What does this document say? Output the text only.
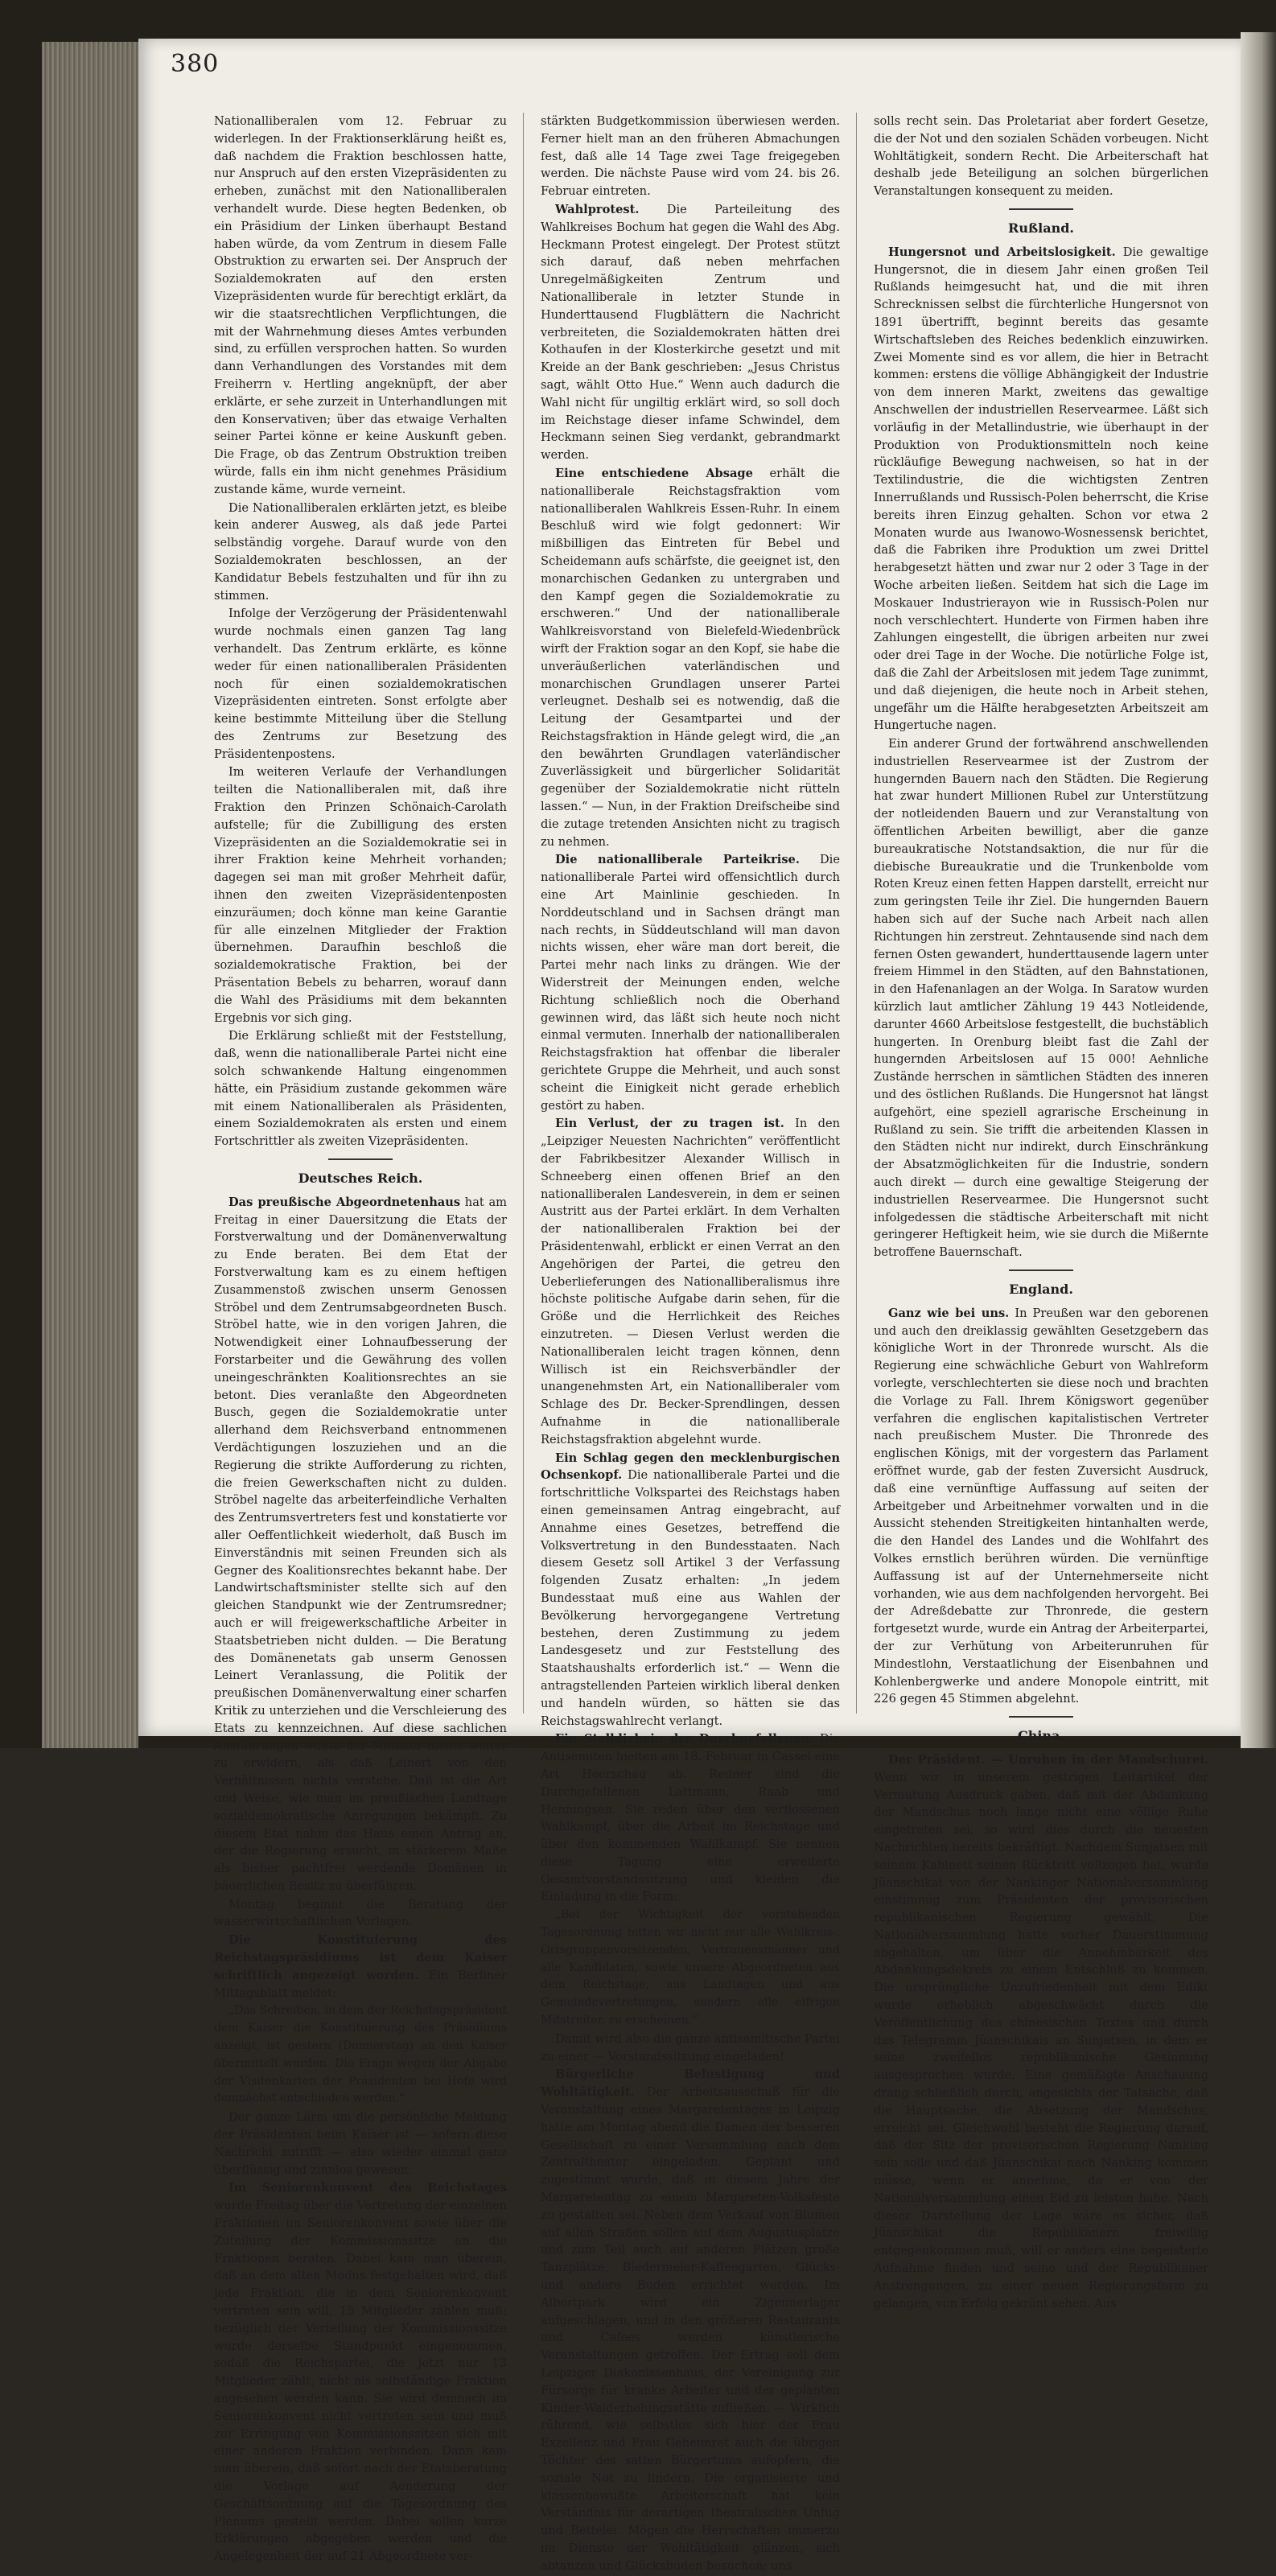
380

Nationalliberalen vom 12. Februar zu widerlegen. In der Fraktionserklärung heißt es, daß nachdem die Fraktion beschlossen hatte, nur Anspruch auf den ersten Vizepräsidenten zu erheben, zunächst mit den Nationalliberalen verhandelt wurde. Diese hegten Bedenken, ob ein Präsidium der Linken überhaupt Bestand haben würde, da vom Zentrum in diesem Falle Obstruktion zu erwarten sei. Der Anspruch der Sozialdemokraten auf den ersten Vizepräsidenten wurde für berechtigt erklärt, da wir die staatsrechtlichen Verpflichtungen, die mit der Wahrnehmung dieses Amtes verbunden sind, zu erfüllen versprochen hatten. So wurden dann Verhandlungen des Vorstandes mit dem Freiherrn v. Hertling angeknüpft, der aber erklärte, er sehe zurzeit in Unterhandlungen mit den Konservativen; über das etwaige Verhalten seiner Partei könne er keine Auskunft geben. Die Frage, ob das Zentrum Obstruktion treiben würde, falls ein ihm nicht genehmes Präsidium zustande käme, wurde verneint.

Die Nationalliberalen erklärten jetzt, es bleibe kein anderer Ausweg, als daß jede Partei selbständig vorgehe. Darauf wurde von den Sozialdemokraten beschlossen, an der Kandidatur Bebels festzuhalten und für ihn zu stimmen.

Infolge der Verzögerung der Präsidentenwahl wurde nochmals einen ganzen Tag lang verhandelt. Das Zentrum erklärte, es könne weder für einen nationalliberalen Präsidenten noch für einen sozialdemokratischen Vizepräsidenten eintreten. Sonst erfolgte aber keine bestimmte Mitteilung über die Stellung des Zentrums zur Besetzung des Präsidentenpostens.

Im weiteren Verlaufe der Verhandlungen teilten die Nationalliberalen mit, daß ihre Fraktion den Prinzen Schönaich-Carolath aufstelle; für die Zubilligung des ersten Vizepräsidenten an die Sozialdemokratie sei in ihrer Fraktion keine Mehrheit vorhanden; dagegen sei man mit großer Mehrheit dafür, ihnen den zweiten Vizepräsidentenposten einzuräumen; doch könne man keine Garantie für alle einzelnen Mitglieder der Fraktion übernehmen. Daraufhin beschloß die sozialdemokratische Fraktion, bei der Präsentation Bebels zu beharren, worauf dann die Wahl des Präsidiums mit dem bekannten Ergebnis vor sich ging.

Die Erklärung schließt mit der Feststellung, daß, wenn die nationalliberale Partei nicht eine solch schwankende Haltung eingenommen hätte, ein Präsidium zustande gekommen wäre mit einem Nationalliberalen als Präsidenten, einem Sozialdemokraten als ersten und einem Fortschrittler als zweiten Vizepräsidenten.

Deutsches Reich.

Das preußische Abgeordnetenhaus hat am Freitag in einer Dauersitzung die Etats der Forstverwaltung und der Domänenverwaltung zu Ende beraten. Bei dem Etat der Forstverwaltung kam es zu einem heftigen Zusammenstoß zwischen unserm Genossen Ströbel und dem Zentrumsabgeordneten Busch. Ströbel hatte, wie in den vorigen Jahren, die Notwendigkeit einer Lohnaufbesserung der Forstarbeiter und die Gewährung des vollen uneingeschränkten Koalitionsrechtes an sie betont. Dies veranlaßte den Abgeordneten Busch, gegen die Sozialdemokratie unter allerhand dem Reichsverband entnommenen Verdächtigungen loszuziehen und an die Regierung die strikte Aufforderung zu richten, die freien Gewerkschaften nicht zu dulden. Ströbel nagelte das arbeiterfeindliche Verhalten des Zentrumsvertreters fest und konstatierte vor aller Oeffentlichkeit wiederholt, daß Busch im Einverständnis mit seinen Freunden sich als Gegner des Koalitionsrechtes bekannt habe. Der Landwirtschaftsminister stellte sich auf den gleichen Standpunkt wie der Zentrumsredner; auch er will freigewerkschaftliche Arbeiter in Staatsbetrieben nicht dulden. — Die Beratung des Domänenetats gab unserm Genossen Leinert Veranlassung, die Politik der preußischen Domänenverwaltung einer scharfen Kritik zu unterziehen und die Verschleierung des Etats zu kennzeichnen. Auf diese sachlichen Ausführungen wußte der Minister nichts weiter zu erwidern, als daß Leinert von den Verhältnissen nichts verstehe. Daß ist die Art und Weise, wie man im preußischen Landtage sozialdemokratische Anregungen bekämpft. Zu diesem Etat nahm das Haus einen Antrag an, der die Regierung ersucht, in stärkerem Maße als bisher pachtfrei werdende Domänen in bäuerlichen Besitz zu überführen.

Montag beginnt die Beratung der wasserwirtschaftlichen Vorlagen.

Die Konstituierung des Reichstagspräsidiums ist dem Kaiser schriftlich angezeigt worden. Ein Berliner Mittagsblatt meldet:

„Das Schreiben, in dem der Reichstagspräsident dem Kaiser die Konstituierung des Präsidiums anzeigt, ist gestern (Donnerstag) an den Kaiser übermittelt worden. Die Frage wegen der Abgabe der Visitenkarten der Präsidenten bei Hofe wird demnächst entschieden werden.“

Der ganze Lärm um die persönliche Meldung der Präsidenten beim Kaiser ist — sofern diese Nachricht zutrifft — also wieder einmal ganz überflüssig und zinnlos gewesen.

Im Seniorenkonvent des Reichstages wurde Freitag über die Vertretung der einzelnen Fraktionen im Seniorenkonvent sowie über die Zuteilung der Kommissionssitze an die Fraktionen beraten. Dabei kam man überein, daß an dem alten Modus festgehalten wird, daß jede Fraktion, die in dem Seniorenkonvent vertreten sein will, 15 Mitglieder zählen muß; bezüglich der Verteilung der Kommissionssitze wurde derselbe Standpunkt eingenommen, sodaß die Reichspartei, die jetzt nur 13 Mitglieder zählt, nicht als selbständige Fraktion angesehen werden kann. Sie wird demnach im Seniorenkonvent nicht vertreten sein und muß zur Erringung von Kommissionssitzen sich mit einer anderen Fraktion verbinden. Dann kam man überein, daß sofort nach der Etatsberatung die Vorlage auf Aenderung der Geschäftsordnung auf die Tagesordnung des Plenums gestellt werden. Dabei sollen kurze Erklärungen abgegeben werden und die Angelegenheit der auf 21 Abgeordnete ver-

stärkten Budgetkommission überwiesen werden. Ferner hielt man an den früheren Abmachungen fest, daß alle 14 Tage zwei Tage freigegeben werden. Die nächste Pause wird vom 24. bis 26. Februar eintreten.

Wahlprotest. Die Parteileitung des Wahlkreises Bochum hat gegen die Wahl des Abg. Heckmann Protest eingelegt. Der Protest stützt sich darauf, daß neben mehrfachen Unregelmäßigkeiten Zentrum und Nationalliberale in letzter Stunde in Hunderttausend Flugblättern die Nachricht verbreiteten, die Sozialdemokraten hätten drei Kothaufen in der Klosterkirche gesetzt und mit Kreide an der Bank geschrieben: „Jesus Christus sagt, wählt Otto Hue.“ Wenn auch dadurch die Wahl nicht für ungiltig erklärt wird, so soll doch im Reichstage dieser infame Schwindel, dem Heckmann seinen Sieg verdankt, gebrandmarkt werden.

Eine entschiedene Absage erhält die nationalliberale Reichstagsfraktion vom nationalliberalen Wahlkreis Essen-Ruhr. In einem Beschluß wird wie folgt gedonnert: Wir mißbilligen das Eintreten für Bebel und Scheidemann aufs schärfste, die geeignet ist, den monarchischen Gedanken zu untergraben und den Kampf gegen die Sozialdemokratie zu erschweren.“ Und der nationalliberale Wahlkreisvorstand von Bielefeld-Wiedenbrück wirft der Fraktion sogar an den Kopf, sie habe die unveräußerlichen vaterländischen und monarchischen Grundlagen unserer Partei verleugnet. Deshalb sei es notwendig, daß die Leitung der Gesamtpartei und der Reichstagsfraktion in Hände gelegt wird, die „an den bewährten Grundlagen vaterländischer Zuverlässigkeit und bürgerlicher Solidarität gegenüber der Sozialdemokratie nicht rütteln lassen.“ — Nun, in der Fraktion Dreifscheibe sind die zutage tretenden Ansichten nicht zu tragisch zu nehmen.

Die nationalliberale Parteikrise. Die nationalliberale Partei wird offensichtlich durch eine Art Mainlinie geschieden. In Norddeutschland und in Sachsen drängt man nach rechts, in Süddeutschland will man davon nichts wissen, eher wäre man dort bereit, die Partei mehr nach links zu drängen. Wie der Widerstreit der Meinungen enden, welche Richtung schließlich noch die Oberhand gewinnen wird, das läßt sich heute noch nicht einmal vermuten. Innerhalb der nationalliberalen Reichstagsfraktion hat offenbar die liberaler gerichtete Gruppe die Mehrheit, und auch sonst scheint die Einigkeit nicht gerade erheblich gestört zu haben.

Ein Verlust, der zu tragen ist. In den „Leipziger Neuesten Nachrichten“ veröffentlicht der Fabrikbesitzer Alexander Willisch in Schneeberg einen offenen Brief an den nationalliberalen Landesverein, in dem er seinen Austritt aus der Partei erklärt. In dem Verhalten der nationalliberalen Fraktion bei der Präsidentenwahl, erblickt er einen Verrat an den Angehörigen der Partei, die getreu den Ueberlieferungen des Nationalliberalismus ihre höchste politische Aufgabe darin sehen, für die Größe und die Herrlichkeit des Reiches einzutreten. — Diesen Verlust werden die Nationalliberalen leicht tragen können, denn Willisch ist ein Reichsverbändler der unangenehmsten Art, ein Nationalliberaler vom Schlage des Dr. Becker-Sprendlingen, dessen Aufnahme in die nationalliberale Reichstagsfraktion abgelehnt wurde.

Ein Schlag gegen den mecklenburgischen Ochsenkopf. Die nationalliberale Partei und die fortschrittliche Volkspartei des Reichstags haben einen gemeinsamen Antrag eingebracht, auf Annahme eines Gesetzes, betreffend die Volksvertretung in den Bundesstaaten. Nach diesem Gesetz soll Artikel 3 der Verfassung folgenden Zusatz erhalten: „In jedem Bundesstaat muß eine aus Wahlen der Bevölkerung hervorgegangene Vertretung bestehen, deren Zustimmung zu jedem Landesgesetz und zur Feststellung des Staatshaushalts erforderlich ist.“ — Wenn die antragstellenden Parteien wirklich liberal denken und handeln würden, so hätten sie das Reichstagswahlrecht verlangt.

Ein Stelldichein der Durchgefallenen. Die Antisemiten hielten am 18. Februar in Cassel eine Art Heerschau ab. Redner sind die Durchgefallenen Lattmann, Raab und Henningsen. Sie reden über den verflossenen Wahlkampf, über die Arbeit im Reichstage und über den kommenden Wahlkampf. Sie nennen diese Tagung eine erweiterte Gesamtvorstandssitzung und kleiden die Einladung in die Form:

„Bei der Wichtigkeit der vorstehenden Tagesordnung bitten wir nicht nur alle Wahlkreis-, Ortsgruppenvorsitzenden, Vertrauensmänner und alle Kandidaten, sowie unsere Abgeordneten aus dem Reichstage, aus Landtagen und aus Gemeindevertretungen, sondern alle eifrigen Mitstreiter, zu erscheinen.“

Damit wird also die ganze antisemitische Partei zu einer — Vorstandssitzung eingeladen!

Bürgerliche Belustigung und Wohltätigkeit. Der Arbeitsausschuß für die Veranstaltung eines Margaretentages in Leipzig hatte am Montag abend die Damen der besseren Gesellschaft zu einer Versammlung nach dem Zentraltheater eingeladen. Geplant und zugestimmt wurde, daß in diesem Jahre der Margaretentag zu einem Margareten-Volksfeste zu gestalten sei. Neben dem Verkauf von Blumen auf allen Straßen sollen auf dem Augustusplatze und zum Teil auch auf anderen Plätzen große Tanzplätze, Biedermeier-Kaffeegarten, Glücks- und andere Buden errichtet werden. Im Albertpark wird ein Zigeunerlager aufgeschlagen, und in den größeren Restaurants und Cafees werden künstlerische Veranstaltungen getroffen. Der Ertrag soll dem Leipziger Diakonissenhaus, der Vereinigung zur Fürsorge für kranke Arbeiter und der geplanten Kinder-Walderholungsstätte zufließen. — Wirklich rührend, wie selbstlos sich hier der Frau Exzellenz und Frau Geheimrat auch die übrigen Töchter des satten Bürgertums aufopfern, die soziale Not zu lindern. Die organisierte und klassenbewußte Arbeiterschaft hat kein Verständnis für derartigen theatralischen Unfug und Bettelei. Mögen die Herrschaften immerzu im Dienste der Wohltätigkeit glänzen, sich abtanzen und Glücksbuden besuchen; uns

solls recht sein. Das Proletariat aber fordert Gesetze, die der Not und den sozialen Schäden vorbeugen. Nicht Wohltätigkeit, sondern Recht. Die Arbeiterschaft hat deshalb jede Beteiligung an solchen bürgerlichen Veranstaltungen konsequent zu meiden.

Rußland.

Hungersnot und Arbeitslosigkeit. Die gewaltige Hungersnot, die in diesem Jahr einen großen Teil Rußlands heimgesucht hat, und die mit ihren Schrecknissen selbst die fürchterliche Hungersnot von 1891 übertrifft, beginnt bereits das gesamte Wirtschaftsleben des Reiches bedenklich einzuwirken. Zwei Momente sind es vor allem, die hier in Betracht kommen: erstens die völlige Abhängigkeit der Industrie von dem inneren Markt, zweitens das gewaltige Anschwellen der industriellen Reservearmee. Läßt sich vorläufig in der Metallindustrie, wie überhaupt in der Produktion von Produktionsmitteln noch keine rückläufige Bewegung nachweisen, so hat in der Textilindustrie, die die wichtigsten Zentren Innerrußlands und Russisch-Polen beherrscht, die Krise bereits ihren Einzug gehalten. Schon vor etwa 2 Monaten wurde aus Iwanowo-Wosnessensk berichtet, daß die Fabriken ihre Produktion um zwei Drittel herabgesetzt hätten und zwar nur 2 oder 3 Tage in der Woche arbeiten ließen. Seitdem hat sich die Lage im Moskauer Industrierayon wie in Russisch-Polen nur noch verschlechtert. Hunderte von Firmen haben ihre Zahlungen eingestellt, die übrigen arbeiten nur zwei oder drei Tage in der Woche. Die notürliche Folge ist, daß die Zahl der Arbeitslosen mit jedem Tage zunimmt, und daß diejenigen, die heute noch in Arbeit stehen, ungefähr um die Hälfte herabgesetzten Arbeitszeit am Hungertuche nagen.

Ein anderer Grund der fortwährend anschwellenden industriellen Reservearmee ist der Zustrom der hungernden Bauern nach den Städten. Die Regierung hat zwar hundert Millionen Rubel zur Unterstützung der notleidenden Bauern und zur Veranstaltung von öffentlichen Arbeiten bewilligt, aber die ganze bureaukratische Notstandsaktion, die nur für die diebische Bureaukratie und die Trunkenbolde vom Roten Kreuz einen fetten Happen darstellt, erreicht nur zum geringsten Teile ihr Ziel. Die hungernden Bauern haben sich auf der Suche nach Arbeit nach allen Richtungen hin zerstreut. Zehntausende sind nach dem fernen Osten gewandert, hunderttausende lagern unter freiem Himmel in den Städten, auf den Bahnstationen, in den Hafenanlagen an der Wolga. In Saratow wurden kürzlich laut amtlicher Zählung 19 443 Notleidende, darunter 4660 Arbeitslose festgestellt, die buchstäblich hungerten. In Orenburg bleibt fast die Zahl der hungernden Arbeitslosen auf 15 000! Aehnliche Zustände herrschen in sämtlichen Städten des inneren und des östlichen Rußlands. Die Hungersnot hat längst aufgehört, eine speziell agrarische Erscheinung in Rußland zu sein. Sie trifft die arbeitenden Klassen in den Städten nicht nur indirekt, durch Einschränkung der Absatzmöglichkeiten für die Industrie, sondern auch direkt — durch eine gewaltige Steigerung der industriellen Reservearmee. Die Hungersnot sucht infolgedessen die städtische Arbeiterschaft mit nicht geringerer Heftigkeit heim, wie sie durch die Mißernte betroffene Bauernschaft.

England.

Ganz wie bei uns. In Preußen war den geborenen und auch den dreiklassig gewählten Gesetzgebern das königliche Wort in der Thronrede wurscht. Als die Regierung eine schwächliche Geburt von Wahlreform vorlegte, verschlechterten sie diese noch und brachten die Vorlage zu Fall. Ihrem Königswort gegenüber verfahren die englischen kapitalistischen Vertreter nach preußischem Muster. Die Thronrede des englischen Königs, mit der vorgestern das Parlament eröffnet wurde, gab der festen Zuversicht Ausdruck, daß eine vernünftige Auffassung auf seiten der Arbeitgeber und Arbeitnehmer vorwalten und in die Aussicht stehenden Streitigkeiten hintanhalten werde, die den Handel des Landes und die Wohlfahrt des Volkes ernstlich berühren würden. Die vernünftige Auffassung ist auf der Unternehmerseite nicht vorhanden, wie aus dem nachfolgenden hervorgeht. Bei der Adreßdebatte zur Thronrede, die gestern fortgesetzt wurde, wurde ein Antrag der Arbeiterpartei, der zur Verhütung von Arbeiterunruhen für Mindestlohn, Verstaatlichung der Eisenbahnen und Kohlenbergwerke und andere Monopole eintritt, mit 226 gegen 45 Stimmen abgelehnt.

China.

Der Präsident. — Unruhen in der Mandschurei. Wenn wir in unserem gestrigen Leitartikel der Vermutung Ausdruck gaben, daß mit der Abdankung der Mandschus noch lange nicht eine völlige Ruhe eingetreten sei, so wird dies durch die neuesten Nachrichten bereits bekräftigt. Nachdem Sunjatsen mit seinem Kabinett seinen Rücktritt vollzogen hat, wurde Jüanschikai von der Nankinger Nationalversammlung einstimmig zum Präsidenten der provisorischen republikanischen Regierung gewählt. Die Nationalversammlung hatte vorher Dauerstimmung abgehalten, um über die Annehmbarkeit des Abdankungsdekrets zu einem Entschluß zu kommen. Die ursprüngliche Unzufriedenheit mit dem Edikt wurde erheblich abgeschwächt durch die Veröffentlichung des chinesischen Textes und durch das Telegramm Jüanschikais an Sunjatsen, in dem er seine zweifellos republikanische Gesinnung ausgesprochen wurde. Eine gemäßigte Anschauung drang schließlich durch, angesichts der Tatsache, daß die Hauptsache, die Absetzung der Mandschus, erreicht sei. Gleichwohl besteht die Regierung darauf, daß der Sitz der provisorischen Regierung Nanking sein solle und daß Jüanschikai nach Nanking kommen müsse, wenn er annehme, da er von der Nationalversammlung einen Eid zu leisten habe. Nach dieser Darstellung der Lage wäre es sicher, daß Jüanschikai die Republikanern freiwillig entgegenkommen muß, will er anders eine begeisterte Aufnahme finden und seine und der Republikaner Anstrengungen, zu einer neuen Regierungsform zu gelangen, von Erfolg gekrönt sehen. Aus
